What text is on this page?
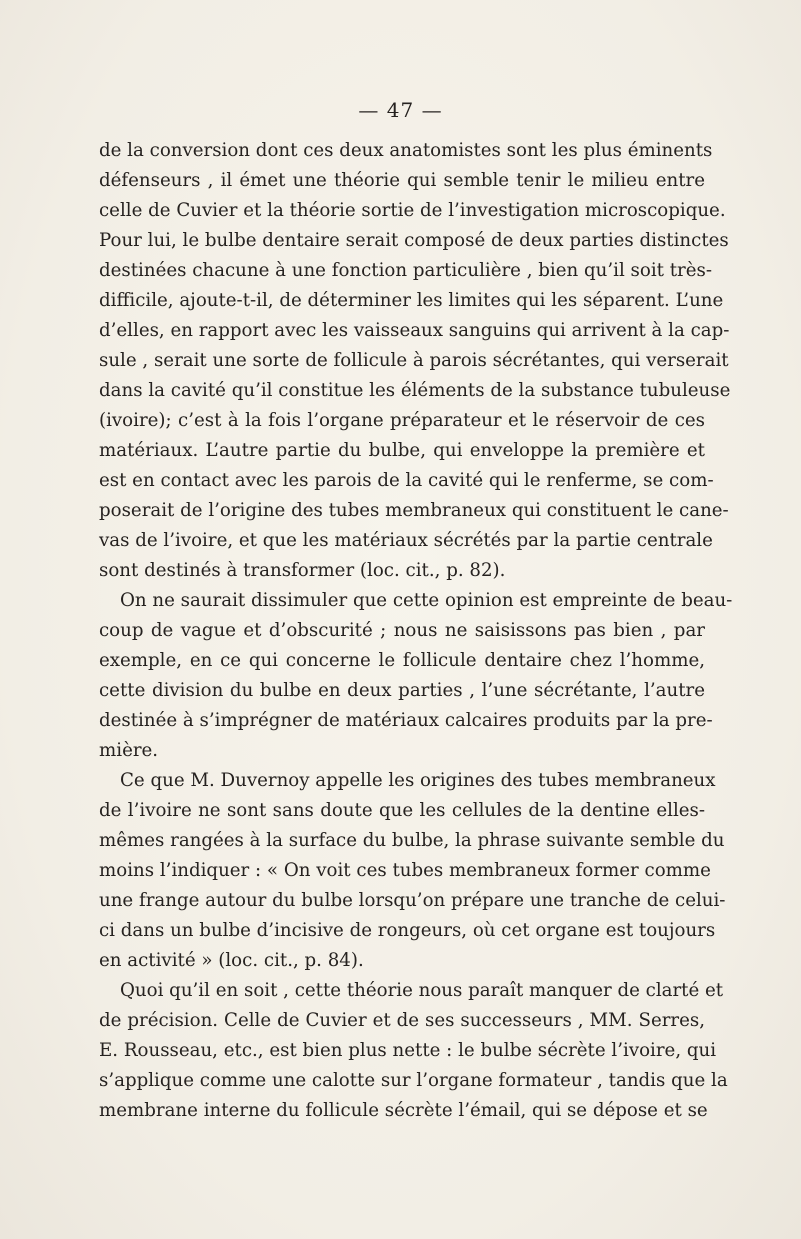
— 47 —
de la conversion dont ces deux anatomistes sont les plus éminents
défenseurs , il émet une théorie qui semble tenir le milieu entre
celle de Cuvier et la théorie sortie de l’investigation microscopique.
Pour lui, le bulbe dentaire serait composé de deux parties distinctes
destinées chacune à une fonction particulière , bien qu’il soit très-
difficile, ajoute-t-il, de déterminer les limites qui les séparent. L’une
d’elles, en rapport avec les vaisseaux sanguins qui arrivent à la cap-
sule , serait une sorte de follicule à parois sécrétantes, qui verserait
dans la cavité qu’il constitue les éléments de la substance tubuleuse
(ivoire); c’est à la fois l’organe préparateur et le réservoir de ces
matériaux. L’autre partie du bulbe, qui enveloppe la première et
est en contact avec les parois de la cavité qui le renferme, se com-
poserait de l’origine des tubes membraneux qui constituent le cane-
vas de l’ivoire, et que les matériaux sécrétés par la partie centrale
sont destinés à transformer (loc. cit., p. 82).
On ne saurait dissimuler que cette opinion est empreinte de beau-
coup de vague et d’obscurité ; nous ne saisissons pas bien , par
exemple, en ce qui concerne le follicule dentaire chez l’homme,
cette division du bulbe en deux parties , l’une sécrétante, l’autre
destinée à s’imprégner de matériaux calcaires produits par la pre-
mière.
Ce que M. Duvernoy appelle les origines des tubes membraneux
de l’ivoire ne sont sans doute que les cellules de la dentine elles-
mêmes rangées à la surface du bulbe, la phrase suivante semble du
moins l’indiquer : « On voit ces tubes membraneux former comme
une frange autour du bulbe lorsqu’on prépare une tranche de celui-
ci dans un bulbe d’incisive de rongeurs, où cet organe est toujours
en activité » (loc. cit., p. 84).
Quoi qu’il en soit , cette théorie nous paraît manquer de clarté et
de précision. Celle de Cuvier et de ses successeurs , MM. Serres,
E. Rousseau, etc., est bien plus nette : le bulbe sécrète l’ivoire, qui
s’applique comme une calotte sur l’organe formateur , tandis que la
membrane interne du follicule sécrète l’émail, qui se dépose et se
